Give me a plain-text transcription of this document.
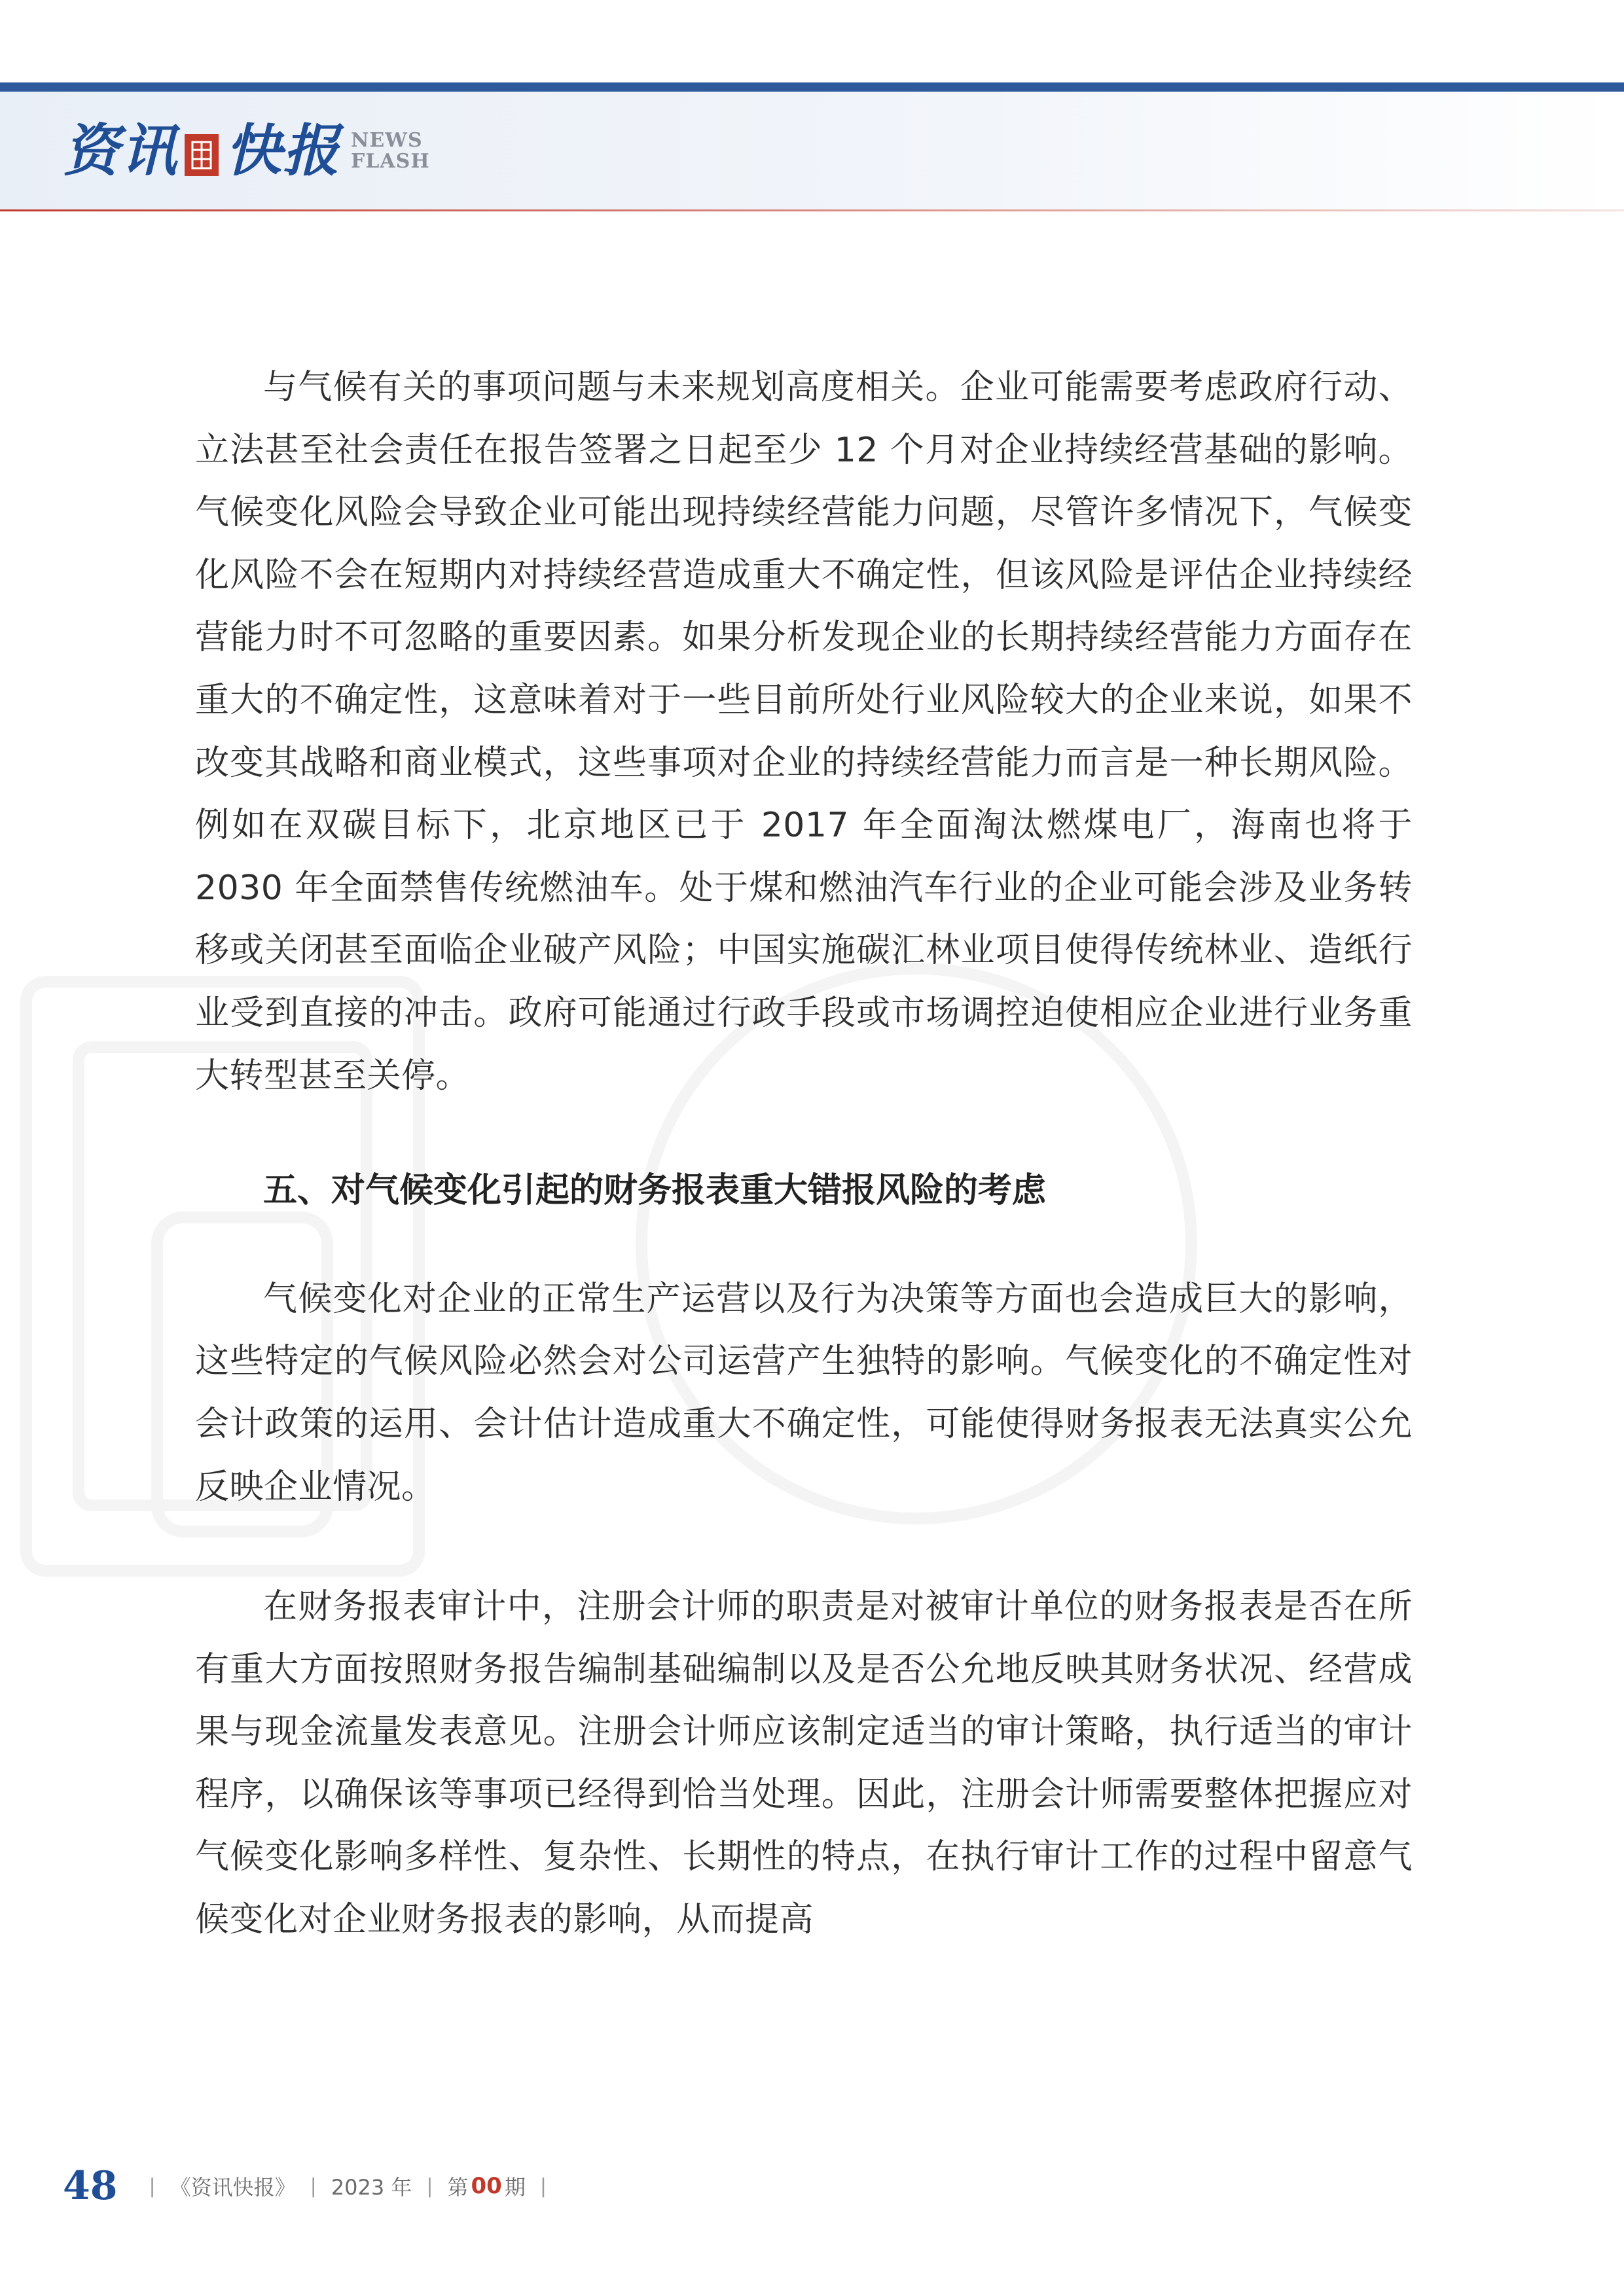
资讯 快报 NEWS
FLASH

与气候有关的事项问题与未来规划高度相关。企业可能需要考虑政府行动、立法甚至社会责任在报告签署之日起至少 12 个月对企业持续经营基础的影响。气候变化风险会导致企业可能出现持续经营能力问题，尽管许多情况下，气候变化风险不会在短期内对持续经营造成重大不确定性，但该风险是评估企业持续经营能力时不可忽略的重要因素。如果分析发现企业的长期持续经营能力方面存在重大的不确定性，这意味着对于一些目前所处行业风险较大的企业来说，如果不改变其战略和商业模式，这些事项对企业的持续经营能力而言是一种长期风险。例如在双碳目标下，北京地区已于 2017 年全面淘汰燃煤电厂，海南也将于 2030 年全面禁售传统燃油车。处于煤和燃油汽车行业的企业可能会涉及业务转移或关闭甚至面临企业破产风险；中国实施碳汇林业项目使得传统林业、造纸行业受到直接的冲击。政府可能通过行政手段或市场调控迫使相应企业进行业务重大转型甚至关停。

五、对气候变化引起的财务报表重大错报风险的考虑

气候变化对企业的正常生产运营以及行为决策等方面也会造成巨大的影响，这些特定的气候风险必然会对公司运营产生独特的影响。气候变化的不确定性对会计政策的运用、会计估计造成重大不确定性，可能使得财务报表无法真实公允反映企业情况。

在财务报表审计中，注册会计师的职责是对被审计单位的财务报表是否在所有重大方面按照财务报告编制基础编制以及是否公允地反映其财务状况、经营成果与现金流量发表意见。注册会计师应该制定适当的审计策略，执行适当的审计程序，以确保该等事项已经得到恰当处理。因此，注册会计师需要整体把握应对气候变化影响多样性、复杂性、长期性的特点，在执行审计工作的过程中留意气候变化对企业财务报表的影响，从而提高

48 | 《资讯快报》 | 2023 年 | 第 00 期 |
